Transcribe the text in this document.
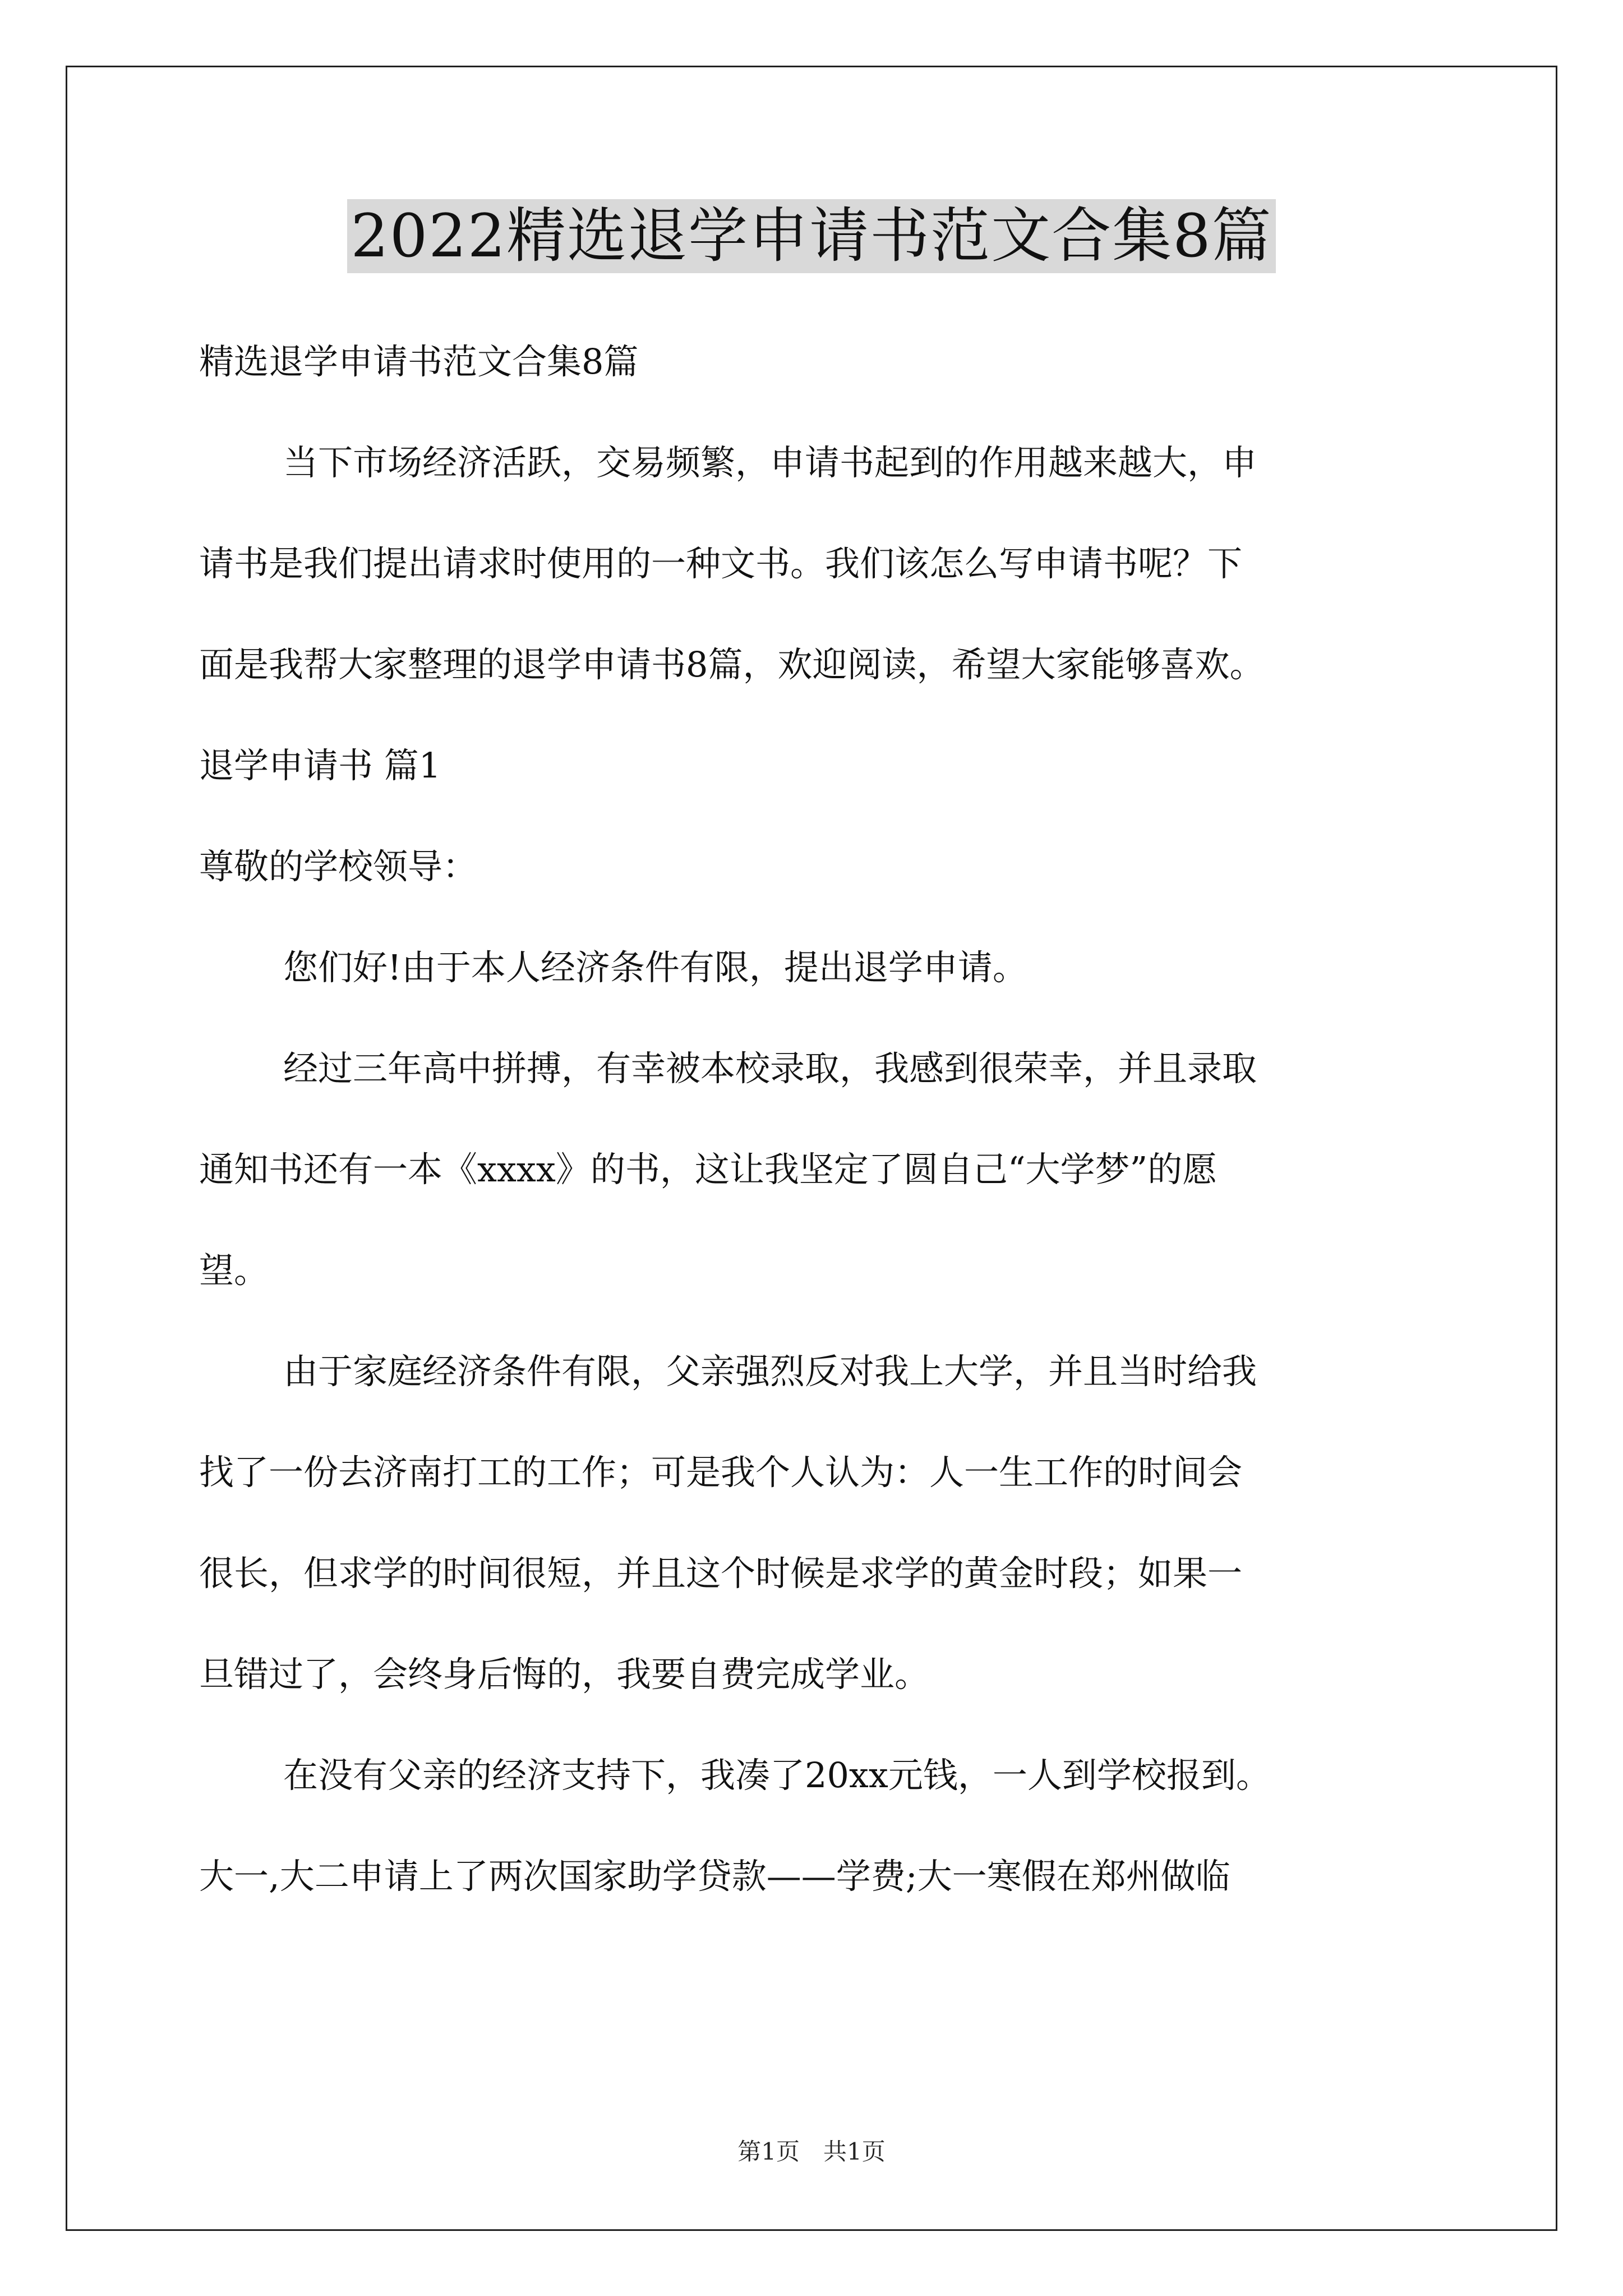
2022精选退学申请书范文合集8篇
精选退学申请书范文合集8篇
当下市场经济活跃，交易频繁，申请书起到的作用越来越大，申
请书是我们提出请求时使用的一种文书。我们该怎么写申请书呢？下
面是我帮大家整理的退学申请书8篇，欢迎阅读，希望大家能够喜欢。
退学申请书 篇1
尊敬的学校领导：
您们好!由于本人经济条件有限，提出退学申请。
经过三年高中拼搏，有幸被本校录取，我感到很荣幸，并且录取
通知书还有一本《xxxx》的书，这让我坚定了圆自己“大学梦”的愿
望。
由于家庭经济条件有限，父亲强烈反对我上大学，并且当时给我
找了一份去济南打工的工作；可是我个人认为：人一生工作的时间会
很长，但求学的时间很短，并且这个时候是求学的黄金时段；如果一
旦错过了，会终身后悔的，我要自费完成学业。
在没有父亲的经济支持下，我凑了20xx元钱，一人到学校报到。
大一,大二申请上了两次国家助学贷款——学费;大一寒假在郑州做临
第1页　共1页
